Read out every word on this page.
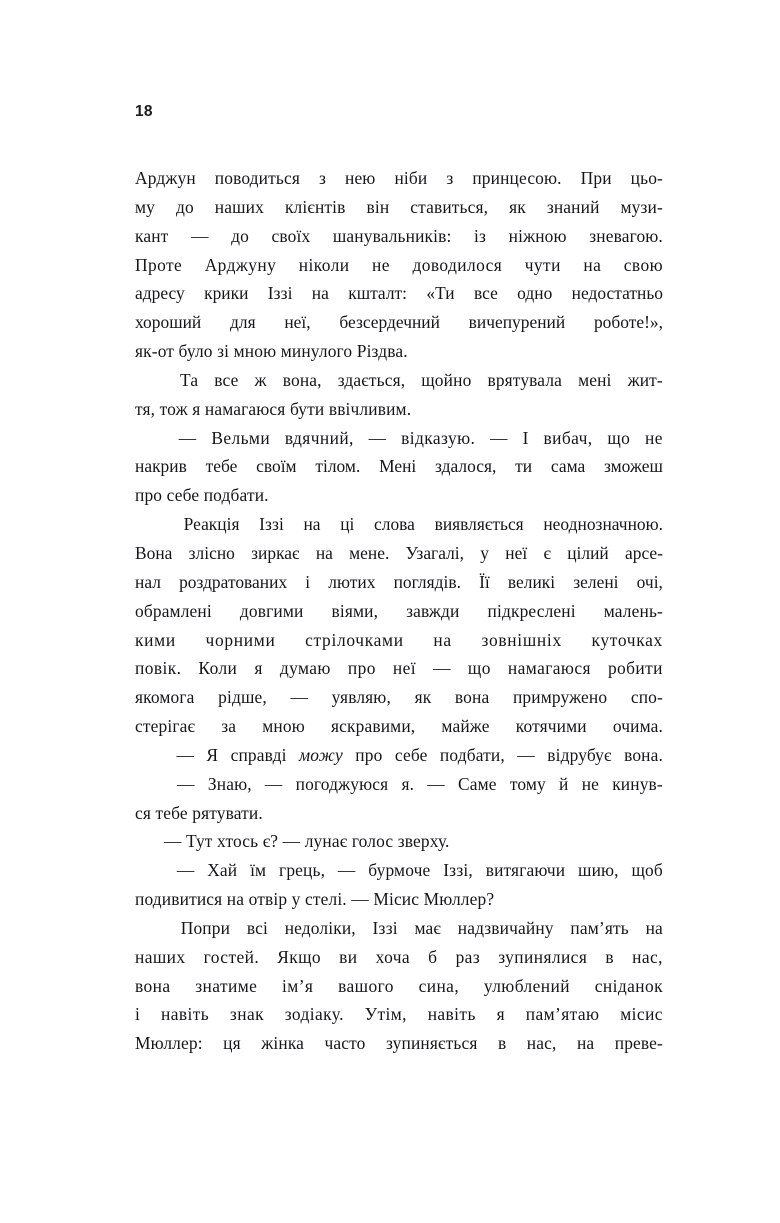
18
Арджун поводиться з нею ніби з принцесою. При цьо-
му до наших клієнтів він ставиться, як знаний музи-
кант — до своїх шанувальників: із ніжною зневагою.
Проте Арджуну ніколи не доводилося чути на свою
адресу крики Іззі на кшталт: «Ти все одно недостатньо
хороший для неї, безсердечний вичепурений роботе!»,
як-от було зі мною минулого Різдва.
Та все ж вона, здається, щойно врятувала мені жит-
тя, тож я намагаюся бути ввічливим.
— Вельми вдячний, — відказую. — І вибач, що не
накрив тебе своїм тілом. Мені здалося, ти сама зможеш
про себе подбати.
Реакція Іззі на ці слова виявляється неоднозначною.
Вона злісно зиркає на мене. Узагалі, у неї є цілий арсе-
нал роздратованих і лютих поглядів. Її великі зелені очі,
обрамлені довгими віями, завжди підкреслені малень-
кими чорними стрілочками на зовнішніх куточках
повік. Коли я думаю про неї — що намагаюся робити
якомога рідше, — уявляю, як вона примружено спо-
стерігає за мною яскравими, майже котячими очима.
— Я справді можу про себе подбати, — відрубує вона.
— Знаю, — погоджуюся я. — Саме тому й не кинув-
ся тебе рятувати.
— Тут хтось є? — лунає голос зверху.
— Хай їм грець, — бурмоче Іззі, витягаючи шию, щоб
подивитися на отвір у стелі. — Місис Мюллер?
Попри всі недоліки, Іззі має надзвичайну пам’ять на
наших гостей. Якщо ви хоча б раз зупинялися в нас,
вона знатиме ім’я вашого сина, улюблений сніданок
і навіть знак зодіаку. Утім, навіть я пам’ятаю місис
Мюллер: ця жінка часто зупиняється в нас, на преве-
